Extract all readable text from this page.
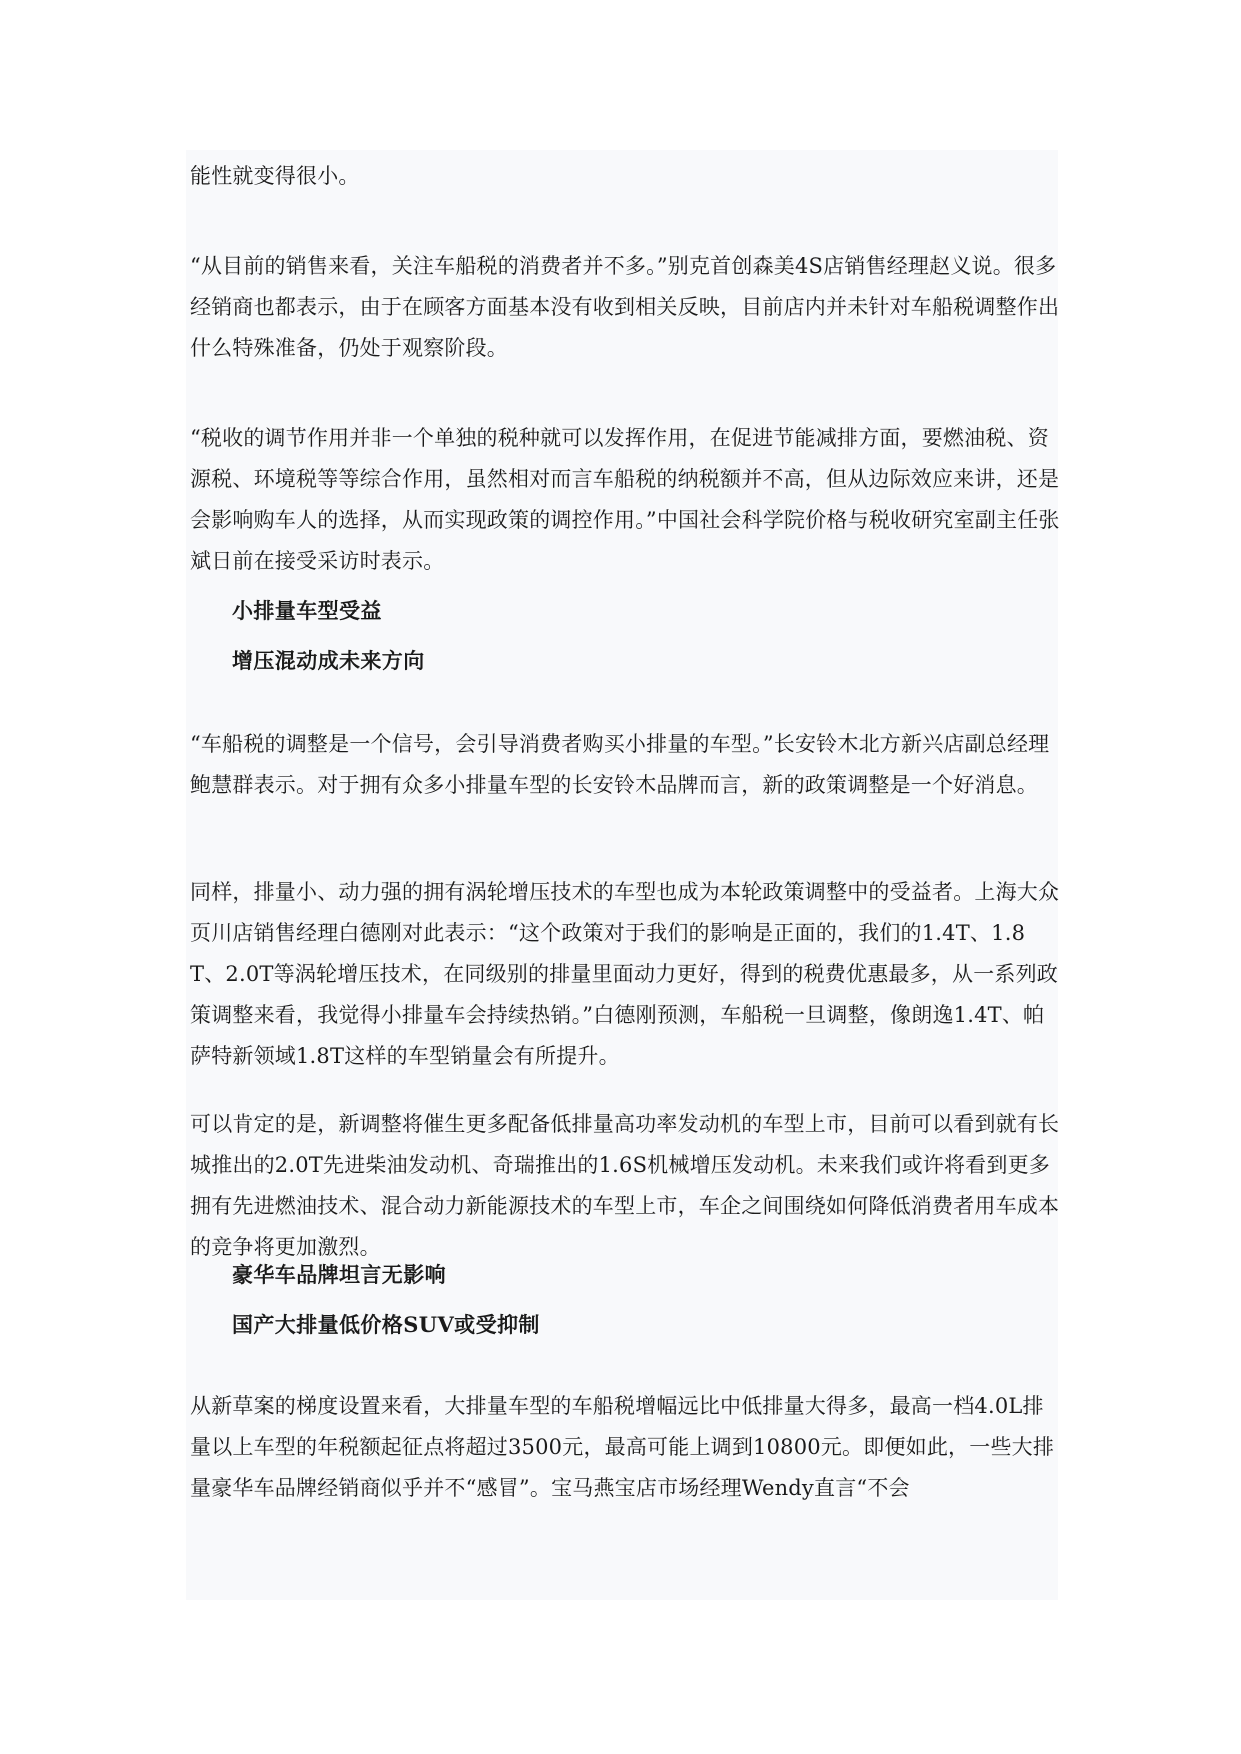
能性就变得很小。

“从目前的销售来看，关注车船税的消费者并不多。”别克首创森美4S店销售经理赵义说。很多经销商也都表示，由于在顾客方面基本没有收到相关反映，目前店内并未针对车船税调整作出什么特殊准备，仍处于观察阶段。

“税收的调节作用并非一个单独的税种就可以发挥作用，在促进节能减排方面，要燃油税、资源税、环境税等等综合作用，虽然相对而言车船税的纳税额并不高，但从边际效应来讲，还是会影响购车人的选择，从而实现政策的调控作用。”中国社会科学院价格与税收研究室副主任张斌日前在接受采访时表示。

小排量车型受益

增压混动成未来方向

“车船税的调整是一个信号，会引导消费者购买小排量的车型。”长安铃木北方新兴店副总经理鲍慧群表示。对于拥有众多小排量车型的长安铃木品牌而言，新的政策调整是一个好消息。

同样，排量小、动力强的拥有涡轮增压技术的车型也成为本轮政策调整中的受益者。上海大众页川店销售经理白德刚对此表示：“这个政策对于我们的影响是正面的，我们的1.4T、1.8T、2.0T等涡轮增压技术，在同级别的排量里面动力更好，得到的税费优惠最多，从一系列政策调整来看，我觉得小排量车会持续热销。”白德刚预测，车船税一旦调整，像朗逸1.4T、帕萨特新领域1.8T这样的车型销量会有所提升。

可以肯定的是，新调整将催生更多配备低排量高功率发动机的车型上市，目前可以看到就有长城推出的2.0T先进柴油发动机、奇瑞推出的1.6S机械增压发动机。未来我们或许将看到更多拥有先进燃油技术、混合动力新能源技术的车型上市，车企之间围绕如何降低消费者用车成本的竞争将更加激烈。

豪华车品牌坦言无影响

国产大排量低价格SUV或受抑制

从新草案的梯度设置来看，大排量车型的车船税增幅远比中低排量大得多，最高一档4.0L排量以上车型的年税额起征点将超过3500元，最高可能上调到10800元。即便如此，一些大排量豪华车品牌经销商似乎并不“感冒”。宝马燕宝店市场经理Wendy直言“不会
